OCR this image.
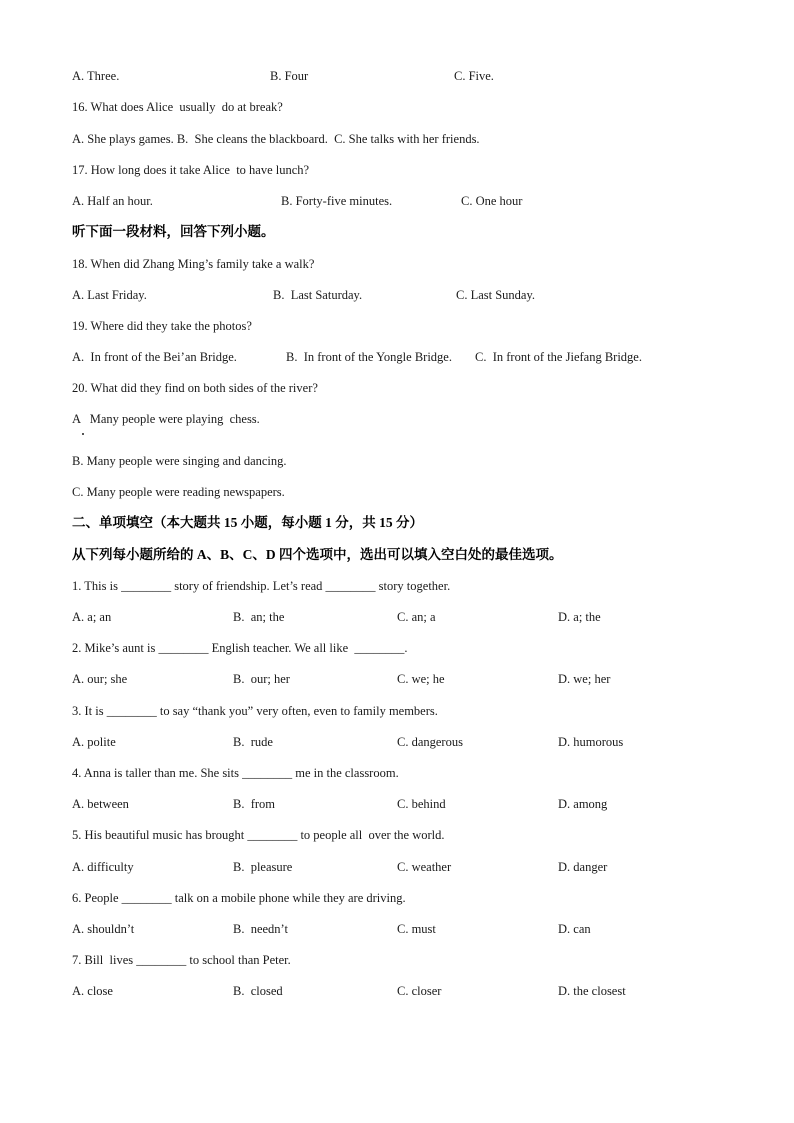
A. Three.	B. Four	C. Five.
16. What does Alice  usually  do at break?
A. She plays games. B.  She cleans the blackboard.  C. She talks with her friends.
17. How long does it take Alice  to have lunch?
A. Half an hour.	B. Forty-five minutes.	C. One hour
听下面一段材料，回答下列小题。
18. When did Zhang Ming’s family take a walk?
A. Last Friday.	B.  Last Saturday.	C. Last Sunday.
19. Where did they take the photos?
A.  In front of the Bei’an Bridge.	B.  In front of the Yongle Bridge. C.  In front of the Jiefang Bridge.
20. What did they find on both sides of the river?
A   Many people were playing  chess.
B. Many people were singing and dancing.
C. Many people were reading newspapers.
二、单项填空（本大题共 15 小题，每小题 1 分，共 15 分）
从下列每小题所给的 A、B、C、D 四个选项中，选出可以填入空白处的最佳选项。
1. This is ________ story of friendship. Let’s read ________ story together.
A. a; an	B.  an; the	C. an; a	D. a; the
2. Mike’s aunt is ________ English teacher. We all like  ________.
A. our; she	B.  our; her	C. we; he	D. we; her
3. It is ________ to say “thank you” very often, even to family members.
A. polite	B.  rude	C. dangerous	D. humorous
4. Anna is taller than me. She sits ________ me in the classroom.
A. between	B.  from	C. behind	D. among
5. His beautiful music has brought ________ to people all  over the world.
A. difficulty	B.  pleasure	C. weather	D. danger
6. People ________ talk on a mobile phone while they are driving.
A. shouldn’t	B.  needn’t	C. must	D. can
7. Bill  lives ________ to school than Peter.
A. close	B.  closed	C. closer	D. the closest
